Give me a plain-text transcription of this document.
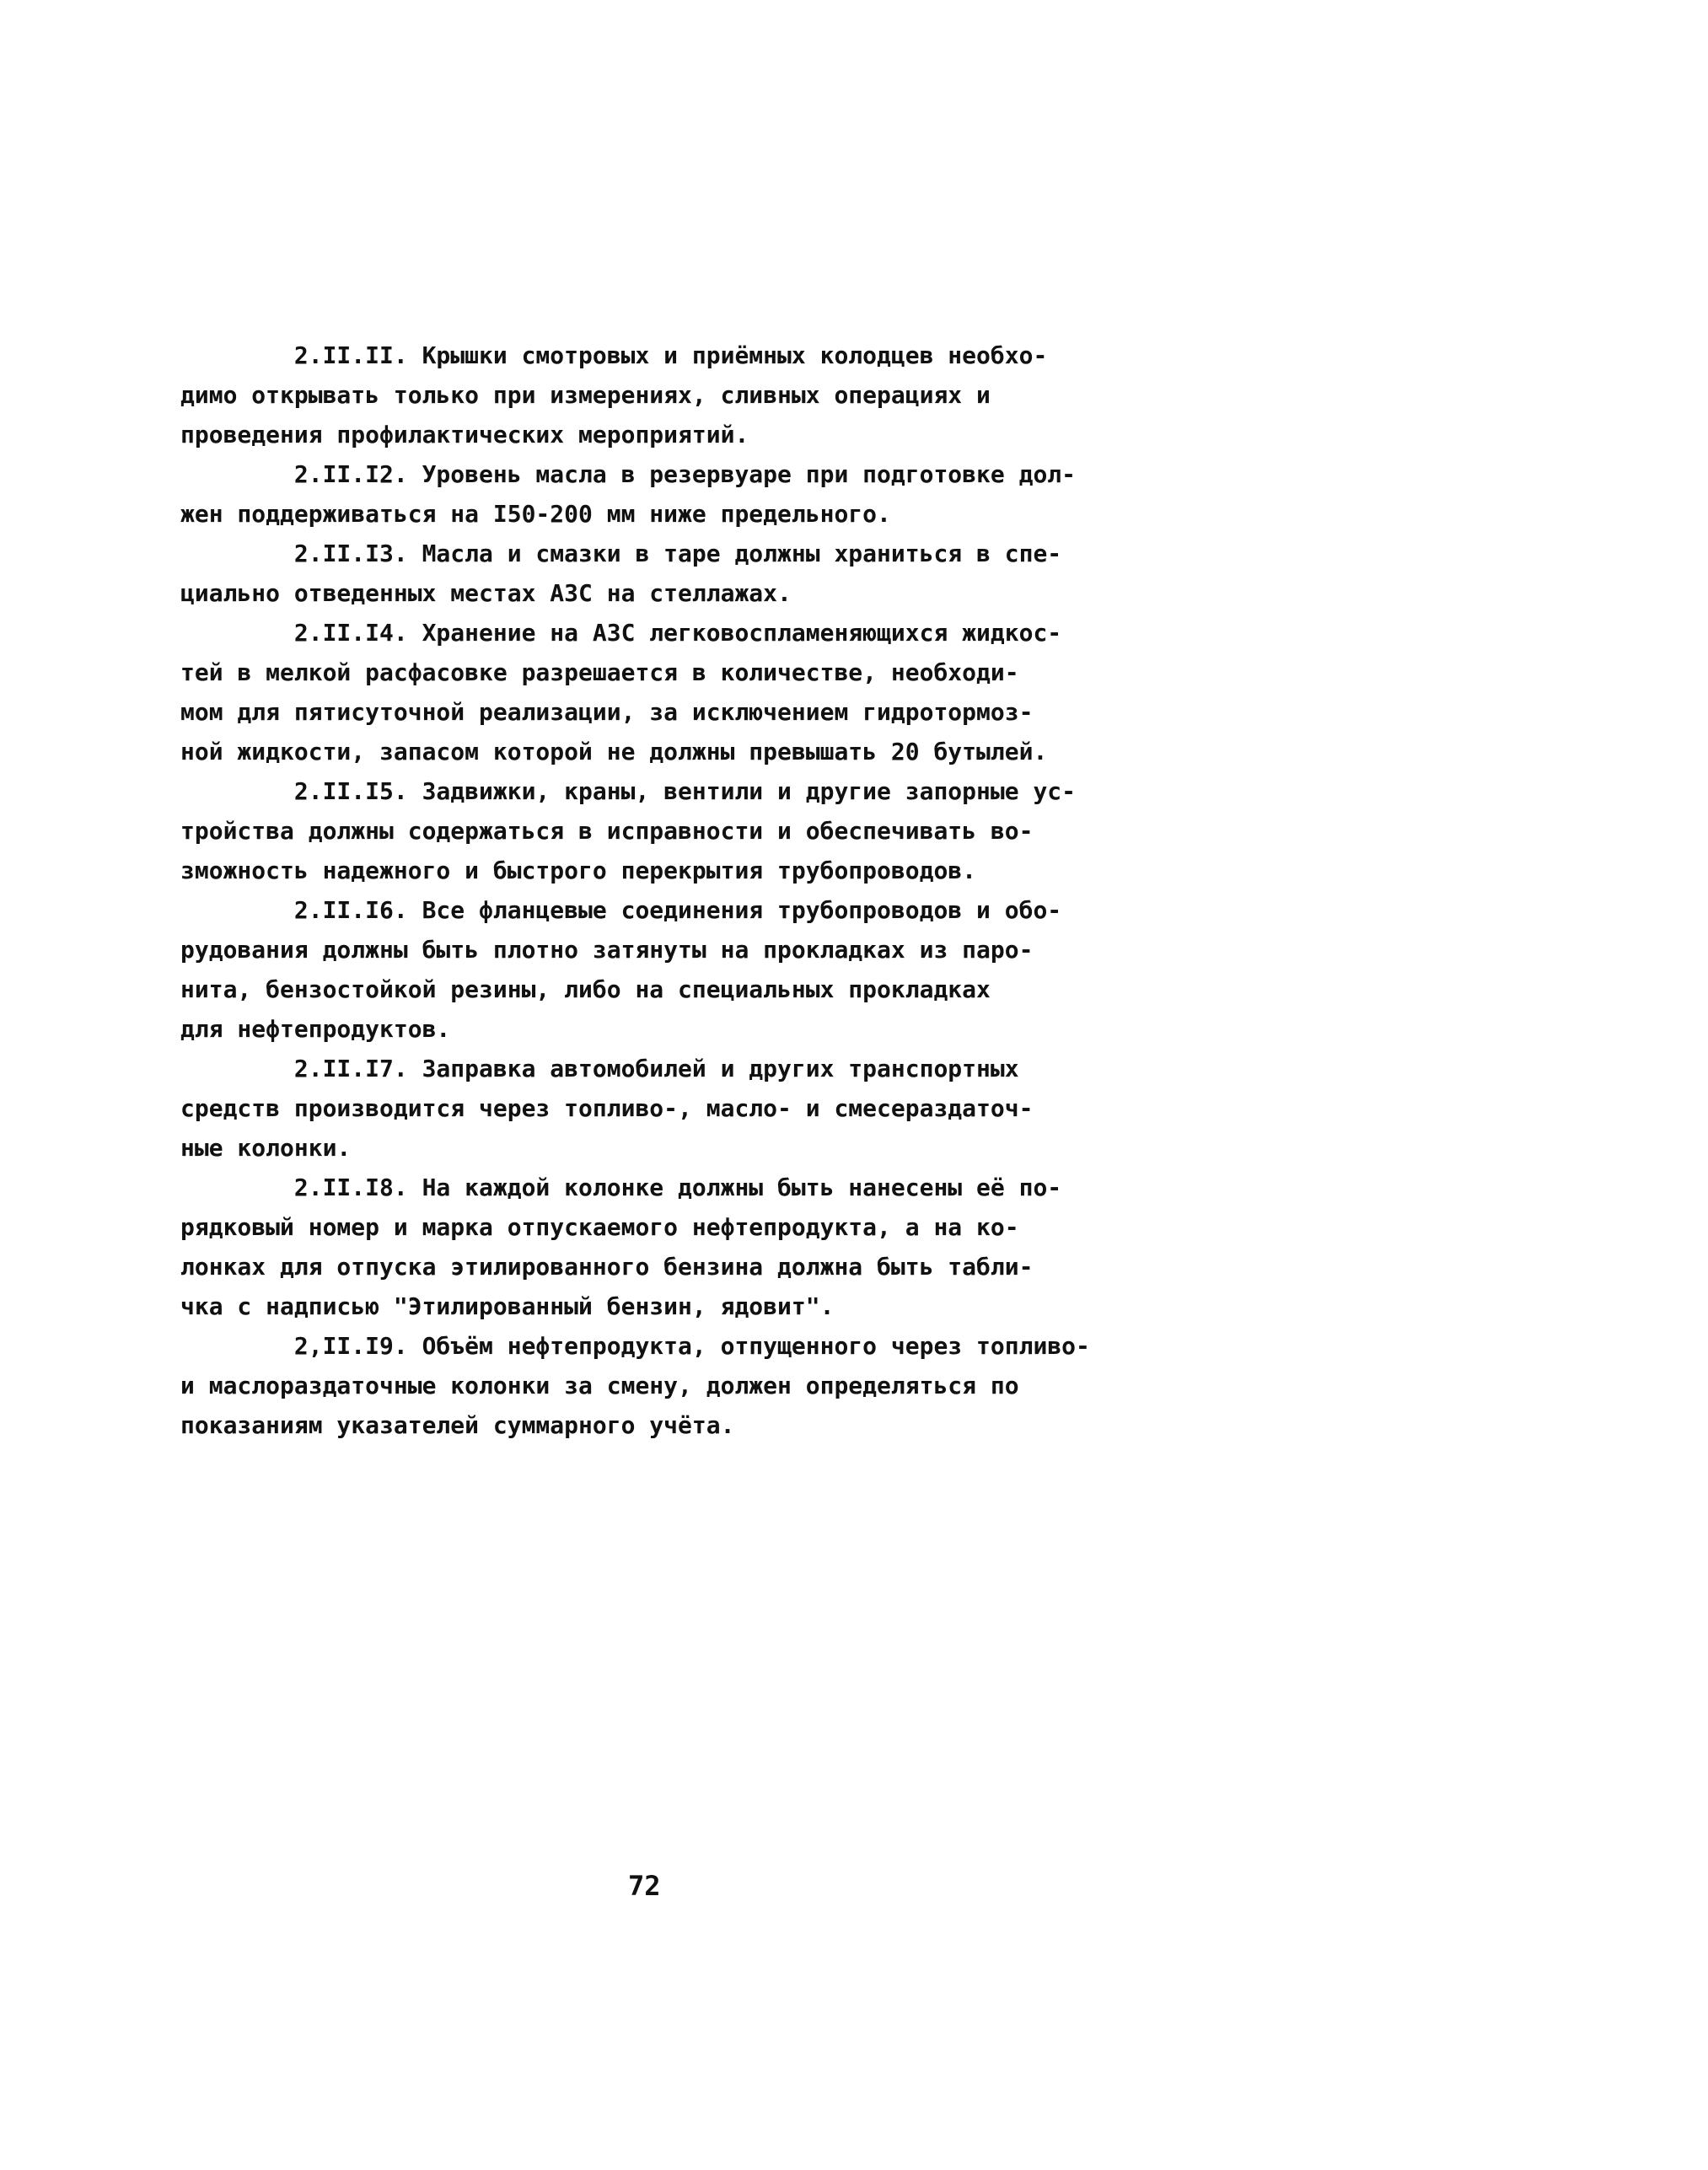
2.II.II. Крышки смотровых и приёмных колодцев необхо-
димо открывать только при измерениях, сливных операциях и
проведения профилактических мероприятий.
2.II.I2. Уровень масла в резервуаре при подготовке дол-
жен поддерживаться на I50-200 мм ниже предельного.
2.II.I3. Масла и смазки в таре должны храниться в спе-
циально отведенных местах АЗС на стеллажах.
2.II.I4. Хранение на АЗС легковоспламеняющихся жидкос-
тей в мелкой расфасовке разрешается в количестве, необходи-
мом для пятисуточной реализации, за исключением гидротормоз-
ной жидкости, запасом которой не должны превышать 20 бутылей.
2.II.I5. Задвижки, краны, вентили и другие запорные ус-
тройства должны содержаться в исправности и обеспечивать во-
зможность надежного и быстрого перекрытия трубопроводов.
2.II.I6. Все фланцевые соединения трубопроводов и обо-
рудования должны быть плотно затянуты на прокладках из паро-
нита, бензостойкой резины, либо на специальных прокладках
для нефтепродуктов.
2.II.I7. Заправка автомобилей и других транспортных
средств производится через топливо-, масло- и смесераздаточ-
ные колонки.
2.II.I8. На каждой колонке должны быть нанесены её по-
рядковый номер и марка отпускаемого нефтепродукта, а на ко-
лонках для отпуска этилированного бензина должна быть табли-
чка с надписью "Этилированный бензин, ядовит".
2,II.I9. Объём нефтепродукта, отпущенного через топливо-
и маслораздаточные колонки за смену, должен определяться по
показаниям указателей суммарного учёта.
72
